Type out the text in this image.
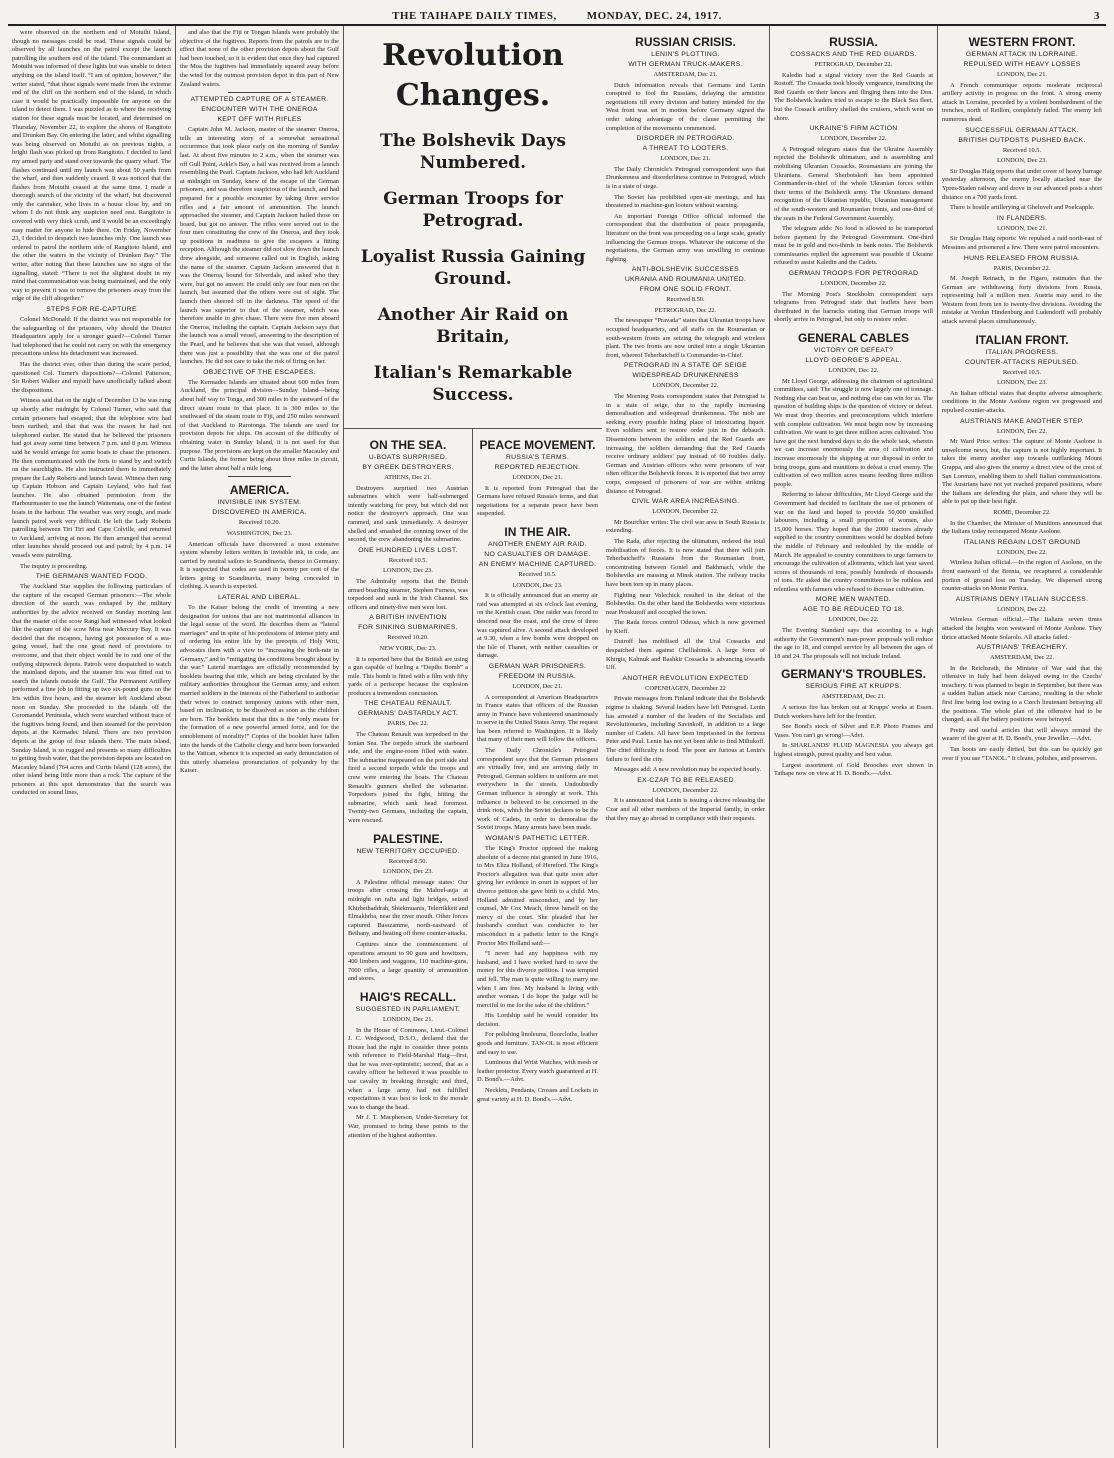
THE TAIHAPE DAILY TIMES,	MONDAY, DEC. 24, 1917.	3

were observed on the northern end of Motuihi Island, though no messages could be read. These signals could be observed by all launches on the patrol except the launch patrolling the southern end of the island. The commandant at Motuihi was informed of these lights but was unable to detect anything on the island itself. “I am of opinion, however,” the writer stated, “that these signals were made from the extreme end of the cliff on the northern end of the island, in which case it would be practically impossible for anyone on the island to detect them. I was puzzled as to where the receiving station for these signals must be located, and determined on Thursday, November 22, to explore the shores of Rangitoto and Drunken Bay. On entering the latter, and whilst signalling was being observed on Motuihi as on previous nights, a bright flash was picked up from Rangitoto. I decided to land my armed party and stand over towards the quarry wharf. The flashes continued until my launch was about 50 yards from the wharf, and then suddenly ceased. It was noticed that the flashes from Motuihi ceased at the same time. I made a thorough search of the vicinity of the wharf, but discovered only the caretaker, who lives in a house close by, and on whom I do not think any suspicion need rest. Rangitoto is covered with very thick scrub, and it would be an exceedingly easy matter for anyone to hide there. On Friday, November 23, I decided to despatch two launches only. One launch was ordered to patrol the northern side of Rangitoto Island, and the other the waters in the vicinity of Drunken Bay.” The writer, after noting that these launches saw no signs of the signalling, stated: “There is not the slightest doubt in my mind that communication was being maintained, and the only way to prevent it was to remove the prisoners away from the edge of the cliff altogether.”

STEPS FOR RE-CAPTURE

Colonel McDonald: If the district was not responsible for the safeguarding of the prisoners, why should the District Headquarters apply for a stronger guard?—Colonel Turner had telephoned that he could not carry on with the emergency precautions unless his detachment was increased.

Has the district ever, other than during the scare period, questioned Col. Turner's dispositions?—Colonel Patterson, Sir Robert Walker and myself have unofficially talked about the dispositions.

Witness said that on the night of December 13 he was rung up shortly after midnight by Colonel Turner, who said that certain prisoners had escaped; that the telephone wire had been earthed; and that that was the reason he had not telephoned earlier. He stated that he believed the prisoners had got away some time between 7 p.m. and 8 p.m. Witness said he would arrange for some boats to chase the prisoners. He then communicated with the forts to stand by and switch on the searchlights. He also instructed them to immediately prepare the Lady Roberts and launch Iawai. Witness then rang up Captain Hobson and Captain Leyland, who had fast launches. He also obtained permission from the Harbourmaster to use the launch Waitemata, one of the fastest boats in the harbour. The weather was very rough, and made launch patrol work very difficult. He left the Lady Roberts patrolling between Tiri Tiri and Cape Colville, and returned to Auckland, arriving at noon. He then arranged that several other launches should proceed out and patrol; by 4 p.m. 14 vessels were patrolling.

The inquiry is proceeding.

THE GERMANS WANTED FOOD.

The Auckland Star supplies the following particulars of the capture of the escaped German prisoners:—The whole direction of the search was reshaped by the military authorities by the advice received on Sunday morning last that the master of the scow Rangi had witnessed what looked like the capture of the scow Moa near Mercury Bay. It was decided that the escapees, having got possession of a sea-going vessel, had the one great need of provisions to overcome, and that their object would be to raid one of the outlying shipwreck depots. Patrols were despatched to watch the mainland depots, and the steamer Iris was fitted out to search the islands outside the Gulf. The Permanent Artillery performed a fine job in fitting up two six-pound guns on the Iris within five hours, and the steamer left Auckland about noon on Sunday. She proceeded to the islands off the Coromandel Peninsula, which were searched without trace of the fugitives being found, and then steamed for the provision depots at the Kermadec Island. There are two provision depots at the group of four islands there. The main island, Sunday Island, is so rugged and presents so many difficulties to getting fresh water, that the provision depots are located on Macauley Island (764 acres and Curtis Island (128 acres), the other island being little more than a rock. The capture of the prisoners at this spot demonstrates that the search was conducted on sound lines,

and also that the Fiji or Tongan Islands were probably the objective of the fugitives. Reports from the patrols are to the effect that none of the other provision depots about the Gulf had been touched, so it is evident that once they had captured the Moa the fugitives had immediately squared away before the wind for the outmost provision depot in this part of New Zealand waters.

ATTEMPTED CAPTURE OF A STEAMER.
ENCOUNTER WITH THE ONEROA
KEPT OFF WITH RIFLES

Captain John M. Jackson, master of the steamer Oneroa, tells an interesting story of a somewhat sensational occurrence that took place early on the morning of Sunday last. At about five minutes to 2 a.m., when the steamer was off Gull Point, Arkle's Bay, a hail was received from a launch resembling the Pearl. Captain Jackson, who had left Auckland at midnight on Sunday, knew of the escape of the German prisoners, and was therefore suspicious of the launch, and had prepared for a possible encounter by taking three service rifles and a fair amount of ammunition. The launch approached the steamer, and Captain Jackson hailed those on board, but got no answer. The rifles were served out to the four men constituting the crew of the Oneroa, and they took up positions in readiness to give the escapees a fitting reception. Although the steamer did not slow down the launch drew alongside, and someone called out in English, asking the name of the steamer. Captain Jackson answered that it was the Oneroa, bound for Silverdale, and asked who they were, but got no answer. He could only see four men on the launch, but assumed that the others were out of sight. The launch then sheered off in the darkness. The speed of the launch was superior to that of the steamer, which was therefore unable to give chase. There were five men aboard the Oneroa, including the captain. Captain Jackson says that the launch was a small vessel, answering to the description of the Pearl, and he believes that she was that vessel, although there was just a possibility that she was one of the patrol launches. He did not care to take the risk of firing on her.

OBJECTIVE OF THE ESCAPEES.

The Kermadec Islands are situated about 600 miles from Auckland, the principal division—Sunday Island—being about half way to Tonga, and 300 miles to the eastward of the direct steam route to that place. It is 300 miles to the southward of the steam route to Fiji, and 250 miles westward of that Auckland to Rarotonga. The islands are used for provision depots for ships. On account of the difficulty of obtaining water in Sunday Island, it is not used for that purpose. The provisions are kept on the smaller Macauley and Curtis Islands, the former being about three miles in circuit, and the latter about half a mile long.

AMERICA.
INVISIBLE INK SYSTEM.
DISCOVERED IN AMERICA.
Received 10.20.
WASHINGTON, Dec 23.

American officials have discovered a most extensive system whereby letters written in invisible ink, in code, are carried by neutral sailors to Scandinavia, thence to Germany. It is suspected that codes are used in twenty per cent of the letters going to Scandinavia, many being concealed in clothing. A search is expected.

LATERAL AND LIBERAL.

To the Kaiser belong the credit of inventing a new designation for unions that are not matrimonial alliances in the legal sense of the word. He describes them as “lateral marriages” and in spite of his professions of intense piety and of ordering his entire life by the precepts of Holy Writ, advocates them with a view to “increasing the birth-rate in Germany,” and to “mitigating the conditions brought about by the war.” Lateral marriages are officially recommended by booklets bearing that title, which are being circulated by the military authorities throughout the German army, and exhort married soldiers in the interests of the Fatherland to authorise their wives to contract temporary unions with other men, based on inclination, to be dissolved as soon as the children are born. The booklets insist that this is the “only means for the formation of a new powerful armed force, and for the ennoblement of morality!” Copies of the booklet have fallen into the hands of the Catholic clergy and have been forwarded to the Vatican, whence it is expected an early denunciation of this utterly shameless pronunciation of polyandry by the Kaiser.

Revolution Changes.
The Bolshevik Days Numbered.
German Troops for Petrograd.
Loyalist Russia Gaining Ground.
Another Air Raid on Britain,
Italian's Remarkable Success.
ON THE SEA.
U-BOATS SURPRISED.
BY GREEK DESTROYERS.
ATHENS, Dec 21.

Destroyers surprised two Austrian submarines which were half-submerged intently watching for prey, but which did not notice the destroyer's approach. One was rammed, and sank immediately. A destroyer shelled and smashed the conning tower of the second, the crew abandoning the submarine.

ONE HUNDRED LIVES LOST.
Received 10.5.
LONDON, Dec 23.

The Admiralty reports that the British armed boarding steamer, Stephen Furness, was torpedoed and sunk in the Irish Channel. Six officers and ninety-five men were lost.

A BRITISH INVENTION
FOR SINKING SUBMARINES.
Received 10.20.
NEW YORK, Dec 23.

It is reported here that the British are using a gun capable of hurling a “Depths Bomb” a mile. This bomb is fitted with a film with fifty yards of a periscope because the explosion produces a tremendous concussion.

THE CHATEAU RENAULT.
GERMANS' DASTARDLY ACT.
PARIS, Dec 22.

The Chateau Renault was torpedoed in the Ionian Sea. The torpedo struck the starboard side, and the engine-room filled with water. The submarine reappeared on the port side and fired a second torpedo while the troops and crew were entering the boats. The Chateau Renault's gunners shelled the submarine. Torpedoers joined the fight, hitting the submarine, which sank head foremost. Twenty-two Germans, including the captain, were rescued.

PALESTINE.
NEW TERRITORY OCCUPIED.
Received 8.50.
LONDON, Dec 23.

A Palestine official message states: Our troops after crossing the Mahrel-auja at midnight on rafts and light bridges, seized Khirbethaddrah, Shiekmuanis, Telerrikkeit and Elmakhrba, near the river mouth. Other forces captured Basszamme, north-eastward of Bethany, and beating off three counter-attacks.

Captures since the commencement of operations amount to 90 guns and howitzers, 400 limbers and waggons, 110 machine-guns, 7000 rifles, a large quantity of ammunition and stores.

HAIG'S RECALL.
SUGGESTED IN PARLIAMENT.
LONDON, Dec 21.

In the House of Commons, Lieut.-Colonel J. C. Wedgwood, D.S.O., declared that the House had the right to consider three points with reference to Field-Marshal Haig—first, that he was over-optimistic; second, that as a cavalry officer he believed it was possible to use cavalry in breaking through; and third, when a large army had not fulfilled expectations it was best to look to the morale was to change the head.

Mr J. T. Macpherson, Under-Secretary for War, promised to bring these points to the attention of the highest authorities.

PEACE MOVEMENT.
RUSSIA'S TERMS.
REPORTED REJECTION.
LONDON, Dec 21.

It is reported from Petrograd that the Germans have refused Russia's terms, and that negotiations for a separate peace have been suspended.

IN THE AIR.
ANOTHER ENEMY AIR RAID.
NO CASUALTIES OR DAMAGE.
AN ENEMY MACHINE CAPTURED.
Received 10.5.
LONDON, Dec 23.

It is officially announced that an enemy air raid was attempted at six o'clock last evening, on the Kentish coast. One raider was forced to descend near the coast, and the crew of three was captured alive. A second attack developed at 9.30, when a few bombs were dropped on the Isle of Thanet, with neither casualties or damage.

GERMAN WAR PRISONERS.
FREEDOM IN RUSSIA.
LONDON, Dec 21.

A correspondent at American Headquarters in France states that officers of the Russian army in France have volunteered unanimously to serve in the United States Army. The request has been referred to Washington. It is likely that many of their men will follow the officers.

The Daily Chronicle's Petrograd correspondent says that the German prisoners are virtually free, and are arriving daily in Petrograd. German soldiers in uniform are met everywhere in the streets. Undoubtedly German influence is strongly at work. This influence is believed to be concerned in the drink riots, which the Soviet declares to be the work of Cadets, in order to demoralise the Soviet troops. Many arrests have been made.

WOMAN'S PATHETIC LETTER.

The King's Proctor opposed the making absolute of a decree nisi granted in June 1916, to Mrs Eliza Holland, of Hereford. The King's Proctor's allegation was that quite soon after giving her evidence in court in support of her divorce petition she gave birth to a child. Mrs Holland admitted misconduct, and by her counsel, Mr Cox Meach, threw herself on the mercy of the court. She pleaded that her husband's conduct was conducive to her misconduct in a pathetic letter to the King's Proctor Mrs Holland said:—

“I never had any happiness with my husband, and I have worked hard to save the money for this divorce petition. I was tempted and fell. The man is quite willing to marry me when I am free. My husband is living with another woman. I do hope the judge will be merciful to me for the sake of the children.”

His Lordship said he would consider his decision.

For polishing linoleums, floorcloths, leather goods and furniture. TAN-OL is most efficient and easy to use.

Luminous dial Wrist Watches, with mesh or leather protector. Every watch guaranteed at H. D. Bond's.—Advt.

Necklets, Pendants, Crosses and Lockets in great variety at H. D. Bond's.—Advt.

RUSSIAN CRISIS.
LENIN'S PLOTTING.
WITH GERMAN TRUCK-MAKERS.
AMSTERDAM, Dec 21.

Dutch information reveals that Germans and Lenin conspired to fool the Russians, delaying the armistice negotiations till every division and battery intended for the West front was set in motion before Germany signed the order taking advantage of the clause permitting the completion of the movements commenced.

DISORDER IN PETROGRAD.
A THREAT TO LOOTERS.
LONDON, Dec 21.

The Daily Chronicle's Petrograd correspondent says that Drunkenness and disorderliness continue in Petrograd, which is in a state of siege.

The Soviet has prohibited open-air meetings, and has threatened to machine-gun looters without warning.

An important Foreign Office official informed the correspondent that the distribution of peace propaganda, literature on the front was proceeding on a large scale, greatly influencing the German troops. Whatever the outcome of the negotiations, the German army was unwilling to continue fighting.

ANTI-BOLSHEVIK SUCCESSES
UKRANIA AND ROUMANIA UNITED.
FROM ONE SOLID FRONT.
Received 8.50.
PETROGRAD, Dec 22.

The newspaper “Pravada” states that Ukranian troops have occupied headquarters, and all staffs on the Roumanian or south-western fronts are seizing the telegraph and wireless plant. The two fronts are now united into a single Ukranian front, whereof Teherbatcheff is Commander-in-Chief.

PETROGRAD IN A STATE OF SEIGE
WIDESPREAD DRUNKENNESS
LONDON, December 22.

The Morning Posts correspondent states that Petrograd is in a state of seige, due to the rapidly increasing demoralisation and widespread drunkenness. The mob are seeking every possible hiding place of intoxicating liquor. Even soldiers sent to restore order join in the debauch. Dissensions between the soldiers and the Red Guards are increasing, the soldiers demanding that the Red Guards receive ordinary soldiers' pay instead of 60 roubles daily. German and Austrian officers who were prisoners of war often officer the Bolshevik forces. It is reported that two army corps, composed of prisoners of war are within striking distance of Petrograd.

CIVIL WAR AREA INCREASING.
LONDON, December 22.

Mr Bourchier writes: The civil war area in South Russia is extending.

The Rada, after rejecting the ultimatum, ordered the total mobilisation of forces. It is now stated that there will join Teherbatcheff's Russians from the Roumanian front, concentrating between Goniel and Bakhmach, while the Bolsheviks are massing at Minsk station. The railway tracks have been torn up in many places.

Fighting near Volechick resulted in the defeat of the Bolsheviks. On the other hand the Bolsheviks were victorious near Proskuroff and occupied the town.

The Rada forces control Odessa, which is now governed by Kieff.

Dutroff has mobilised all the Ural Cossacks and despatched them against Chelliabinsk. A large force of Khirgis, Kalmuk and Bashkir Cossacks is advancing towards Uff.

ANOTHER REVOLUTION EXPECTED
COPENHAGEN, December 22

Private messages from Finland indicate that the Bolshevik regime is shaking. Several leaders have left Petrograd. Lenin has arrested a number of the leaders of the Socialists and Revolutionaries, including Savinkoff, in addition to a large number of Cadets. All have been imprisoned in the fortress Peter and Paul. Lenin has not yet been able to find Miliukoff. The chief difficulty is food. The poor are furious at Lenin's failure to feed the city.

Messages add: A new revolution may be expected hourly.

EX-CZAR TO BE RELEASED
LONDON, December 22.

It is announced that Lenin is issuing a decree releasing the Czar and all other members of the Imperial family, in order that they may go abroad in compliance with their requests.

RUSSIA.
COSSACKS AND THE RED GUARDS.
PETROGRAD, December 22.

Kaledin had a signal victory over the Red Guards at Rostoff. The Cossacks took bloody vengeance, transfixing the Red Guards on their lances and flinging them into the Don. The Bolshevik leaders tried to escape to the Black Sea fleet, but the Cossack artillery shelled the cruisers, which went on shore.

UKRAINE'S FIRM ACTION
LONDON, December 22.

A Petrograd telegram states that the Ukraine Assembly rejected the Bolshevik ultimatum, and is assembling and mobilising Ukranian Cossacks. Roumanians are joining the Ukranians. General Sherbotskoff has been appointed Commander-in-chief of the whole Ukranian forces within their terms of the Bolshevik army. The Ukranians demand recognition of the Ukranian republic, Ukranian management of the south-western and Roumanian fronts, and one-third of the seats in the Federal Government Assembly.

The telegram adds: No food is allowed to be transported before payment by the Petrograd Government. One-third must be in gold and two-thirds in bank notes. The Bolshevik commissaries replied the agreement was possible if Ukraine refused to assist Kaledin and the Cadets.

GERMAN TROOPS FOR PETROGRAD
LONDON, December 22.

The Morning Post's Stockholm correspondent says telegrams from Petrograd state that leaflets have been distributed in the barracks stating that German troops will shortly arrive in Petrograd, but only to restore order.

GENERAL CABLES
VICTORY OR DEFEAT?
LLOYD GEORGE'S APPEAL.
LONDON, Dec 22.

Mr Lloyd George, addressing the chairmen of agricultural committees, said: The struggle is now largely one of tonnage. Nothing else can beat us, and nothing else can win for us. The question of building ships is the question of victory or defeat. We must drop theories and preconceptions which interfere with complete cultivation. We must begin now by increasing cultivation. We want to get three million acres cultivated. You have got the next hundred days to do the whole task, wherein we can increase enormously the area of cultivation and increase enormously the shipping at our disposal in order to bring troops, guns and munitions to defeat a cruel enemy. The cultivation of two million acres means feeding three million people.

Referring to labour difficulties, Mr Lloyd George said the Government had decided to facilitate the use of prisoners of war on the land and hoped to provide 50,000 unskilled labourers, including a small proportion of women, also 15,000 horses. They hoped that the 2000 tractors already supplied to the country committees would be doubled before the middle of February and redoubled by the middle of March. He appealed to country committees to urge farmers to encourage the cultivation of allotments, which last year saved scores of thousands of tons, possibly hundreds of thousands of tons. He asked the country committees to be ruthless and relentless with farmers who refused to increase cultivation.

MORE MEN WANTED.
AGE TO BE REDUCED TO 18.
LONDON, Dec 22.

The Evening Standard says that according to a high authority the Government's man-power proposals will reduce the age to 18, and compel service by all between the ages of 18 and 24. The proposals will not include Ireland.

GERMANY'S TROUBLES.
SERIOUS FIRE AT KRUPPS.
AMSTERDAM, Dec 21.

A serious fire has broken out at Krupps' works at Essen. Dutch workers have left for the frontier.

See Bond's stock of Silver and E.P. Photo Frames and Vases. You can't go wrong!—Advt.

In SHARLANDS' FLUID MAGNESIA you always get highest strength, purest quality and best value.

Largest assortment of Gold Brooches ever shown in Taihape now on view at H. D. Bond's.—Advt.

WESTERN FRONT.
GERMAN ATTACK IN LORRAINE.
REPULSED WITH HEAVY LOSSES
LONDON, Dec 21.

A French communique reports moderate reciprocal artillery activity in progress on the front. A strong enemy attack in Lorraine, preceded by a violent bombardment of the trenches, north of Reillon, completely failed. The enemy left numerous dead.

SUCCESSFUL GERMAN ATTACK.
BRITISH OUTPOSTS PUSHED BACK.
Received 10.5.
LONDON, Dec 23.

Sir Douglas Haig reports that under cover of heavy barrage yesterday afternoon, the enemy locally attacked near the Ypres-Staden railway and drove in our advanced posts a short distance on a 700 yards front.

There is hostile artillerying at Gheluvelt and Poelcapple.

IN FLANDERS.
LONDON, Dec 21.

Sir Douglas Haig reports: We repulsed a raid north-east of Messines and prisonered a few. There were patrol encounters.

HUNS RELEASED FROM RUSSIA.
PARIS, December 22.

M. Joseph Reinach, in the Figaro, estimates that the German are withdrawing forty divisions from Russia, representing half a million men. Austria may send to the Western front from ten to twenty-five divisions. Avoiding the mistake at Verdun Hindenburg and Ludendorff will probably attack several places simultaneously.

ITALIAN FRONT.
ITALIAN PROGRESS.
COUNTER-ATTACKS REPULSED.
Received 10.5.
LONDON, Dec 23.

An Italian official states that despite adverse atmospheric conditions in the Monte Asolone region we progressed and repulsed counter-attacks.

AUSTRIANS MAKE ANOTHER STEP.
LONDON, Dec 22.

Mr Ward Price writes: The capture of Monte Asolone is unwelcome news, but, the capture is not highly important. It takes the enemy another step towards outflanking Mount Grappa, and also gives the enemy a direct view of the crest of San Lorenzo, enabling them to shell Italian communications. The Austrians have not yet reached prepared positions, where the Italians are defending the plain, and where they will be able to put up their best fight.

ROME, December 22.

In the Chamber, the Minister of Munitions announced that the Italians today reconquered Monte Asolone.

ITALIANS REGAIN LOST GROUND
LONDON, Dec 22.

Wireless Italian official.—In the region of Asolone, on the front eastward of the Brenta, we recaptured a considerable portion of ground lost on Tuesday. We dispersed strong counter-attacks on Monte Pertica.

AUSTRIANS DENY ITALIAN SUCCESS.
LONDON, Dec 22.

Wireless German official.—The Italians seven times attacked the heights won westward of Monte Asolone. They thrice attacked Monte Solarolo. All attacks failed.

AUSTRIANS' TREACHERY.
AMSTERDAM, Dec 22.

In the Reichsrath, the Minister of War said that the offensive in Italy had been delayed owing to the Czechs' treachery. It was planned to begin in September, but there was a sudden Italian attack near Carcano, resulting in the whole first line being lost owing to a Czech lieutenant betraying all the positions. The whole plan of the offensive had to be changed, as all the battery positions were betrayed.

Pretty and useful articles that will always remind the wearer of the giver at H. D. Bond's, your Jeweller.—Advt.

Tan boots are easily dirtied, but this can be quickly got over if you use “TANOL.” It cleans, polishes, and preserves.
